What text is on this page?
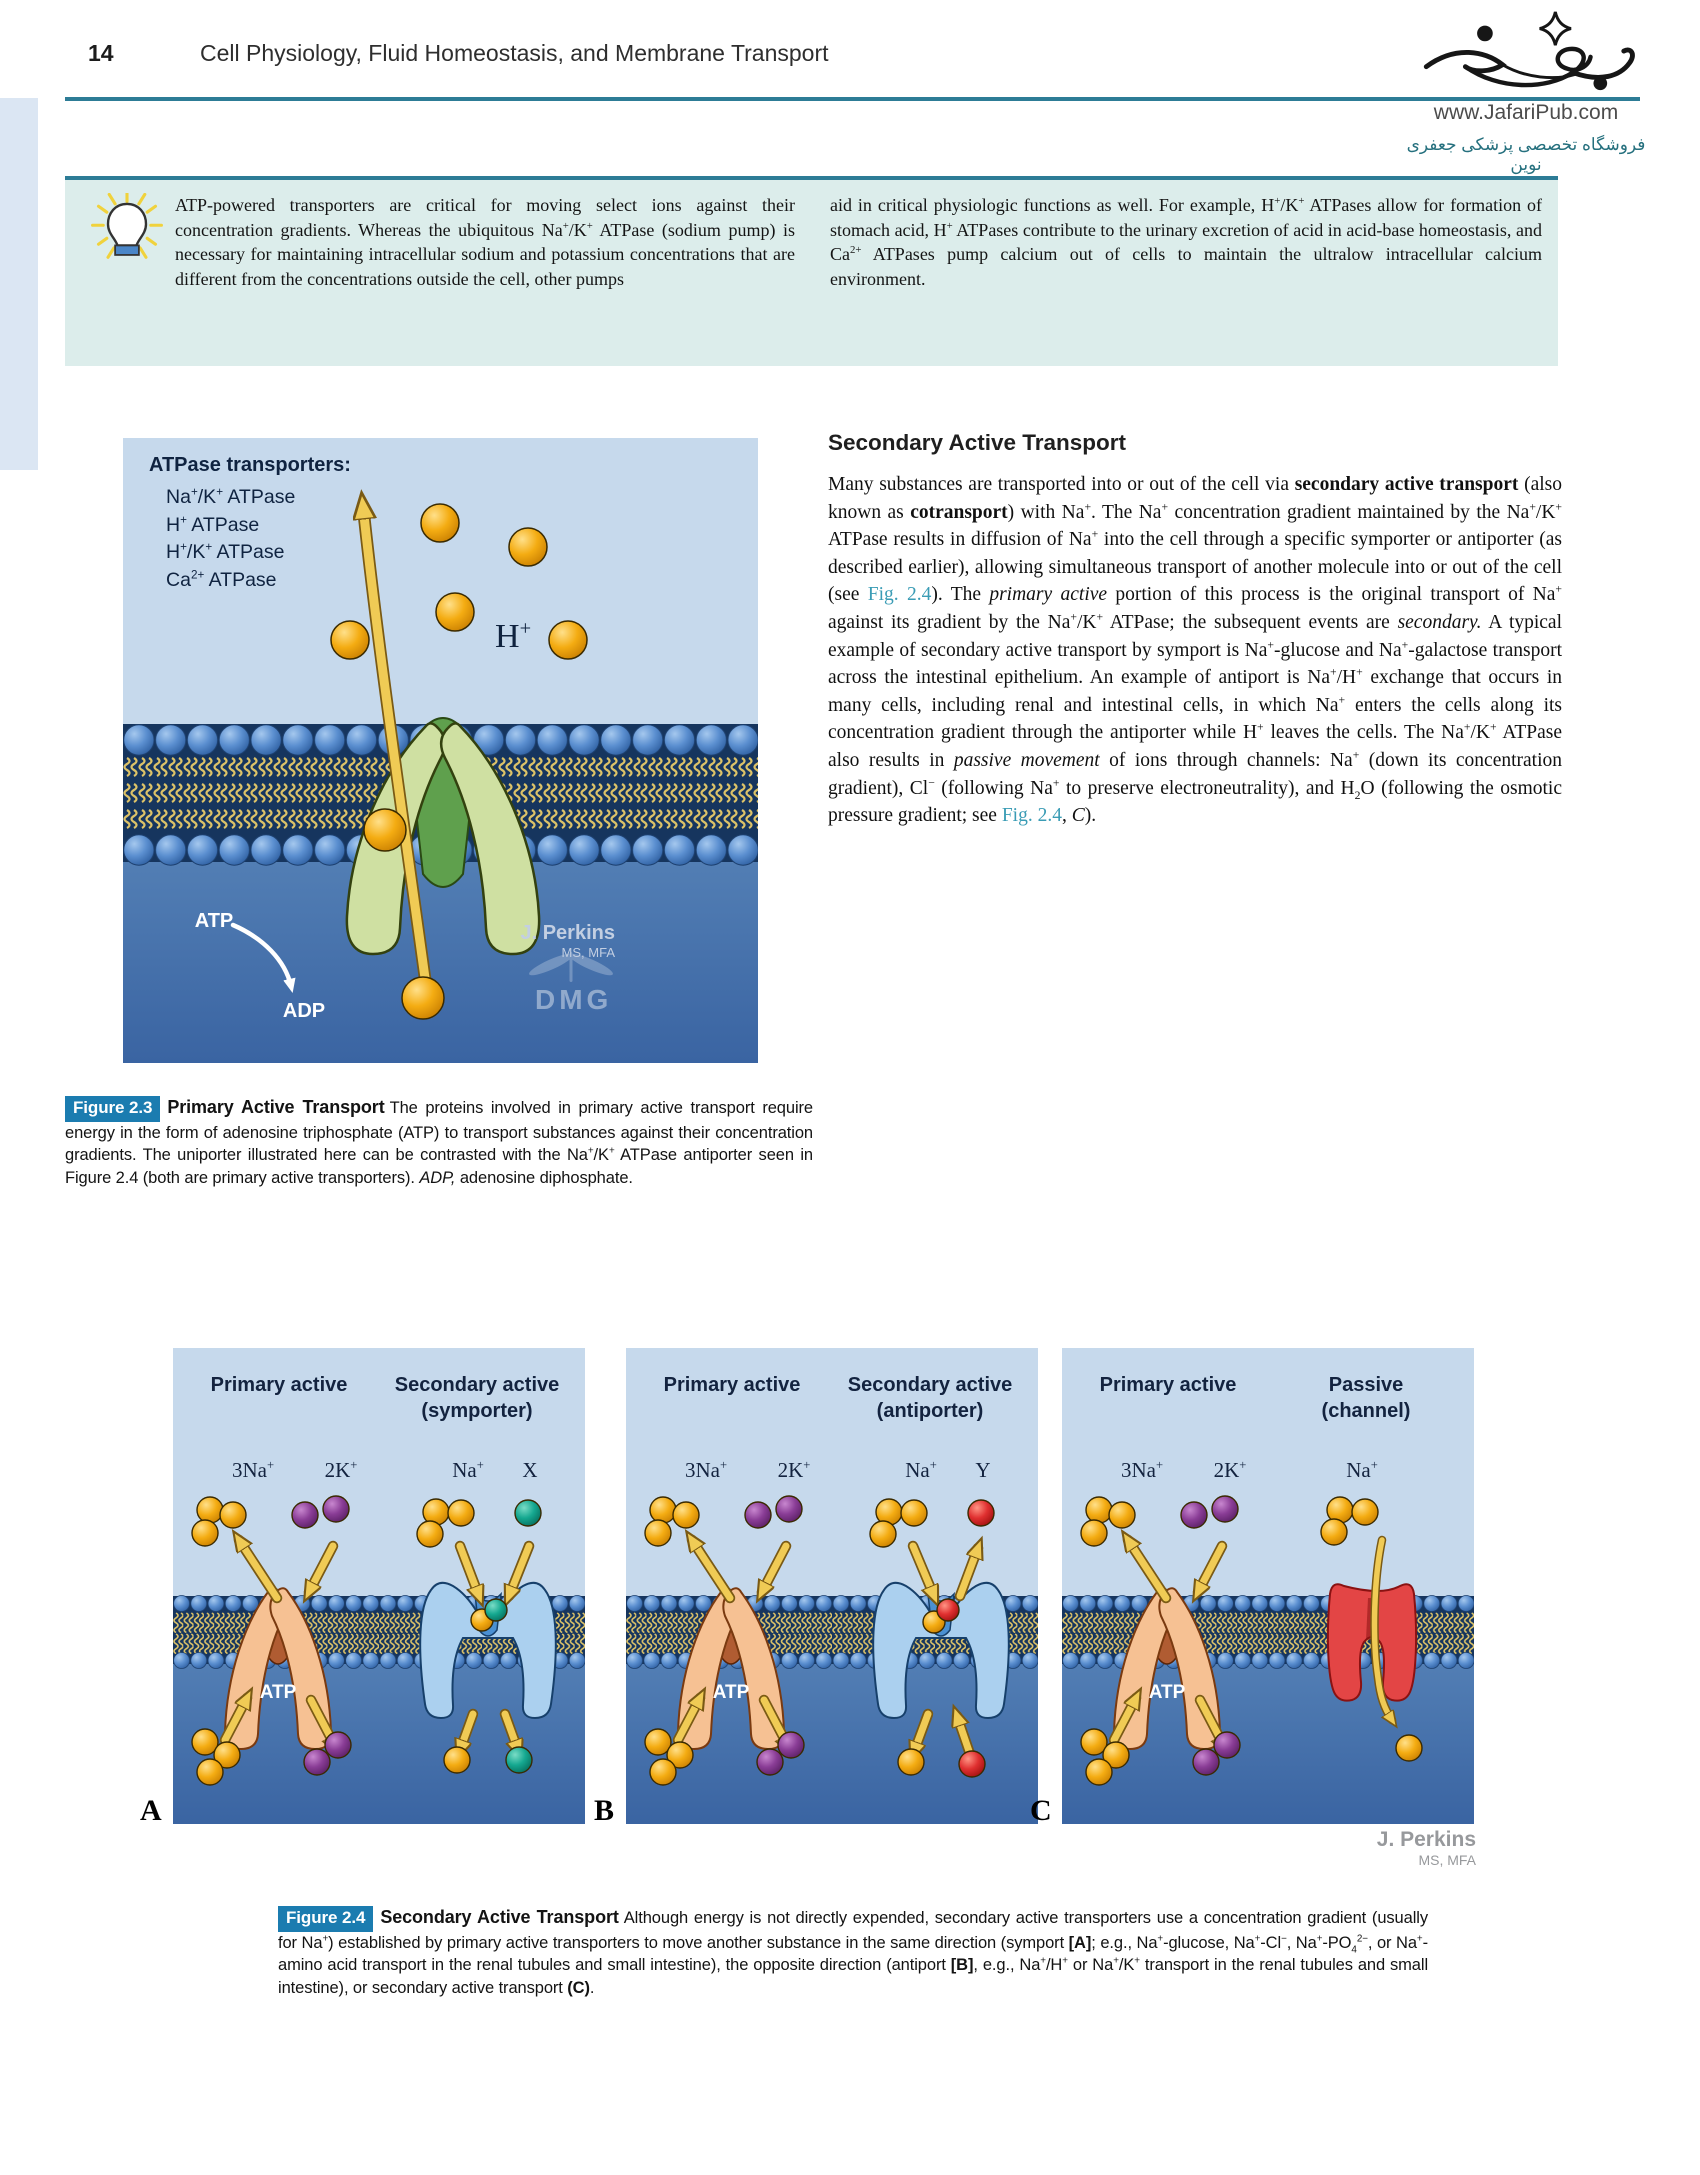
14	Cell Physiology, Fluid Homeostasis, and Membrane Transport
www.JafariPub.com
فروشگاه تخصصی پزشکی جعفری نوین

ATP-powered transporters are critical for moving select ions against their concentration gradients. Whereas the ubiquitous Na+/K+ ATPase (sodium pump) is necessary for maintaining intracellular sodium and potassium concentrations that are different from the concentrations outside the cell, other pumps

aid in critical physiologic functions as well. For example, H+/K+ ATPases allow for formation of stomach acid, H+ ATPases contribute to the urinary excretion of acid in acid-base homeostasis, and $Ca^{2+}$ ATPases pump calcium out of cells to maintain the ultralow intracellular calcium environment.

ATPase transporters:
Na+/K+ ATPase
H+ ATPase
H+/K+ ATPase
$Ca^{2+}$ ATPase
H+
ATP
ADP
J. Perkins
MS, MFA
DMG

Figure 2.3 Primary Active Transport The proteins involved in primary active transport require energy in the form of adenosine triphosphate (ATP) to transport substances against their concentration gradients. The uniporter illustrated here can be contrasted with the Na+/K+ ATPase antiporter seen in Figure 2.4 (both are primary active transporters). ADP, adenosine diphosphate.

Secondary Active Transport

Many substances are transported into or out of the cell via secondary active transport (also known as cotransport) with Na+. The Na+ concentration gradient maintained by the Na+/K+ ATPase results in diffusion of Na+ into the cell through a specific symporter or antiporter (as described earlier), allowing simultaneous transport of another molecule into or out of the cell (see Fig. 2.4). The primary active portion of this process is the original transport of Na+ against its gradient by the Na+/K+ ATPase; the subsequent events are secondary. A typical example of secondary active transport by symport is Na+-glucose and Na+-galactose transport across the intestinal epithelium. An example of antiport is Na+/H+ exchange that occurs in many cells, including renal and intestinal cells, in which Na+ enters the cells along its concentration gradient through the antiporter while H+ leaves the cells. The Na+/K+ ATPase also results in passive movement of ions through channels: Na+ (down its concentration gradient), Cl− (following Na+ to preserve electroneutrality), and $H_2O$ (following the osmotic pressure gradient; see Fig. 2.4, C).

Primary active	Secondary active
(symporter)
3Na+	2K+	Na+	X
ATP
Primary active	Secondary active
(antiporter)
3Na+	2K+	Na+	Y
ATP
Primary active	Passive
(channel)
3Na+	2K+	Na+
ATP
A	B	C
J. Perkins
MS, MFA

Figure 2.4 Secondary Active Transport Although energy is not directly expended, secondary active transporters use a concentration gradient (usually for Na+) established by primary active transporters to move another substance in the same direction (symport [A]; e.g., Na+-glucose, Na+-Cl−, $Na^+-PO_4^{2-}$, or Na+-amino acid transport in the renal tubules and small intestine), the opposite direction (antiport [B], e.g., Na+/H+ or Na+/K+ transport in the renal tubules and small intestine), or secondary active transport (C).
